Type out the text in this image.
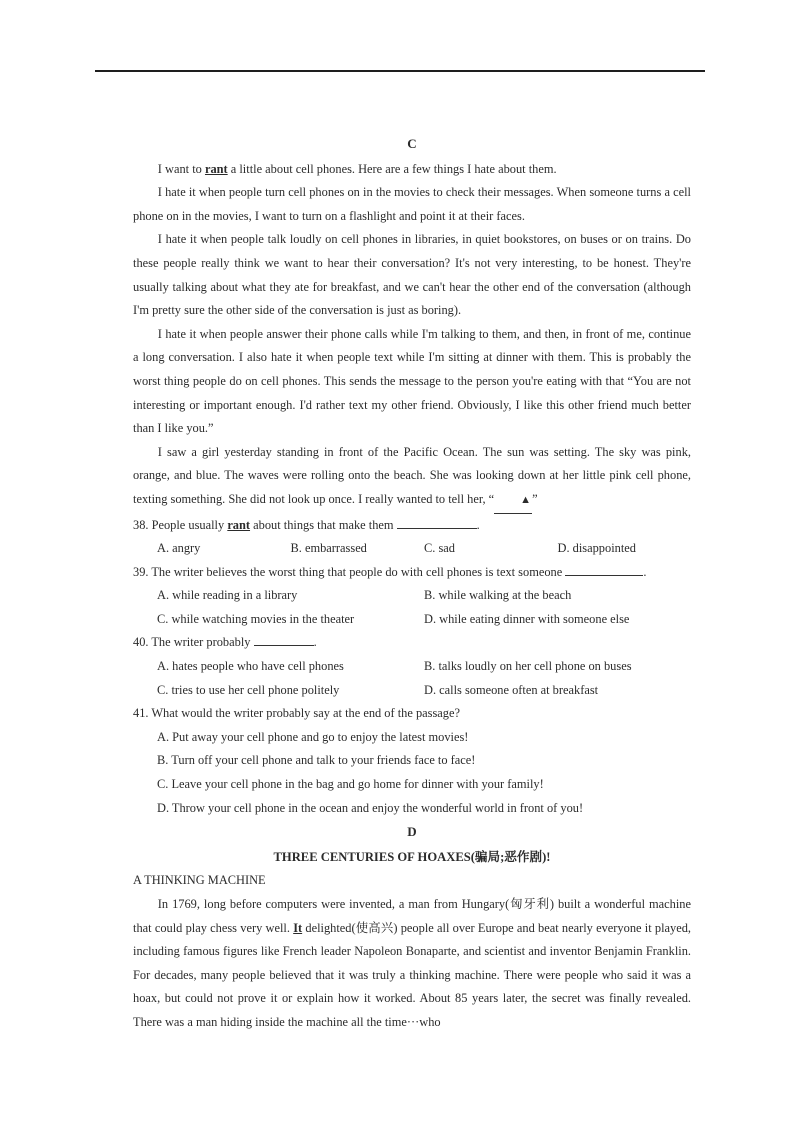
C

I want to rant a little about cell phones. Here are a few things I hate about them.

I hate it when people turn cell phones on in the movies to check their messages. When someone turns a cell phone on in the movies, I want to turn on a flashlight and point it at their faces.

I hate it when people talk loudly on cell phones in libraries, in quiet bookstores, on buses or on trains. Do these people really think we want to hear their conversation? It's not very interesting, to be honest. They're usually talking about what they ate for breakfast, and we can't hear the other end of the conversation (although I'm pretty sure the other side of the conversation is just as boring).

I hate it when people answer their phone calls while I'm talking to them, and then, in front of me, continue a long conversation. I also hate it when people text while I'm sitting at dinner with them. This is probably the worst thing people do on cell phones. This sends the message to the person you're eating with that “You are not interesting or important enough. I'd rather text my other friend. Obviously, I like this other friend much better than I like you.”

I saw a girl yesterday standing in front of the Pacific Ocean. The sun was setting. The sky was pink, orange, and blue. The waves were rolling onto the beach. She was looking down at her little pink cell phone, texting something. She did not look up once. I really wanted to tell her, “ ▲”

38. People usually rant about things that make them	.

A. angry	B. embarrassed	C. sad	D. disappointed

39. The writer believes the worst thing that people do with cell phones is text someone	.

A. while reading in a library	B. while walking at the beach
C. while watching movies in the theater	D. while eating dinner with someone else

40. The writer probably	.

A. hates people who have cell phones	B. talks loudly on her cell phone on buses
C. tries to use her cell phone politely	D. calls someone often at breakfast

41. What would the writer probably say at the end of the passage?

A. Put away your cell phone and go to enjoy the latest movies!
B. Turn off your cell phone and talk to your friends face to face!
C. Leave your cell phone in the bag and go home for dinner with your family!
D. Throw your cell phone in the ocean and enjoy the wonderful world in front of you!
D
THREE CENTURIES OF HOAXES(骗局;恶作剧)!

A THINKING MACHINE

In 1769, long before computers were invented, a man from Hungary(匈牙利) built a wonderful machine that could play chess very well. It delighted(使高兴) people all over Europe and beat nearly everyone it played, including famous figures like French leader Napoleon Bonaparte, and scientist and inventor Benjamin Franklin. For decades, many people believed that it was truly a thinking machine. There were people who said it was a hoax, but could not prove it or explain how it worked. About 85 years later, the secret was finally revealed. There was a man hiding inside the machine all the time···who
